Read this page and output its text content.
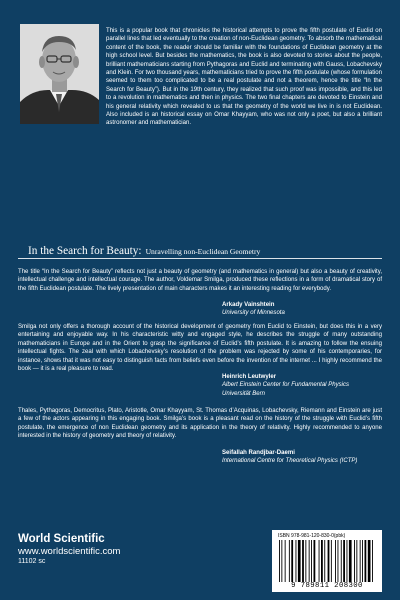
This is a popular book that chronicles the historical attempts to prove the fifth postulate of Euclid on parallel lines that led eventually to the creation of non-Euclidean geometry. To absorb the mathematical content of the book, the reader should be familiar with the foundations of Euclidean geometry at the high school level. But besides the mathematics, the book is also devoted to stories about the people, brilliant mathematicians starting from Pythagoras and Euclid and terminating with Gauss, Lobachevsky and Klein. For two thousand years, mathematicians tried to prove the fifth postulate (whose formulation seemed to them too complicated to be a real postulate and not a theorem, hence the title “In the Search for Beauty”). But in the 19th century, they realized that such proof was impossible, and this led to a revolution in mathematics and then in physics. The two final chapters are devoted to Einstein and his general relativity which revealed to us that the geometry of the world we live in is not Euclidean. Also included is an historical essay on Omar Khayyam, who was not only a poet, but also a brilliant astronomer and mathematician.

In the Search for Beauty: Unravelling non-Euclidean Geometry

The title “In the Search for Beauty” reflects not just a beauty of geometry (and mathematics in general) but also a beauty of creativity, intellectual challenge and intellectual courage. The author, Voldemar Smilga, produced these reflections in a form of dramatical story of the fifth Euclidean postulate. The lively presentation of main characters makes it an interesting reading for everybody.

Arkady Vainshtein
University of Minnesota

Smilga not only offers a thorough account of the historical development of geometry from Euclid to Einstein, but does this in a very entertaining and enjoyable way. In his characteristic witty and engaged style, he describes the struggle of many outstanding mathematicians in Europe and in the Orient to grasp the significance of Euclid’s fifth postulate. It is amazing to follow the ensuing intellectual fights. The zeal with which Lobachevsky’s resolution of the problem was rejected by some of his contemporaries, for instance, shows that it was not easy to distinguish facts from beliefs even before the invention of the internet ... I highly recommend the book — it is a real pleasure to read.

Heinrich Leutwyler
Albert Einstein Center for Fundamental Physics
Universität Bern

Thales, Pythagoras, Democritus, Plato, Aristotle, Omar Khayyam, St. Thomas d’Acquinas, Lobachevsky, Riemann and Einstein are just a few of the actors appearing in this engaging book. Smilga’s book is a pleasant read on the history of the struggle with Euclid’s fifth postulate, the emergence of non Euclidean geometry and its application in the theory of relativity. Highly recommended to anyone interested in the history of geometry and theory of relativity.

Seifallah Randjbar-Daemi
International Centre for Theoretical Physics (ICTP)
World Scientific
www.worldscientific.com
11102 sc
ISBN 978-981-120-830-0(pbk)
9 789811 208300
